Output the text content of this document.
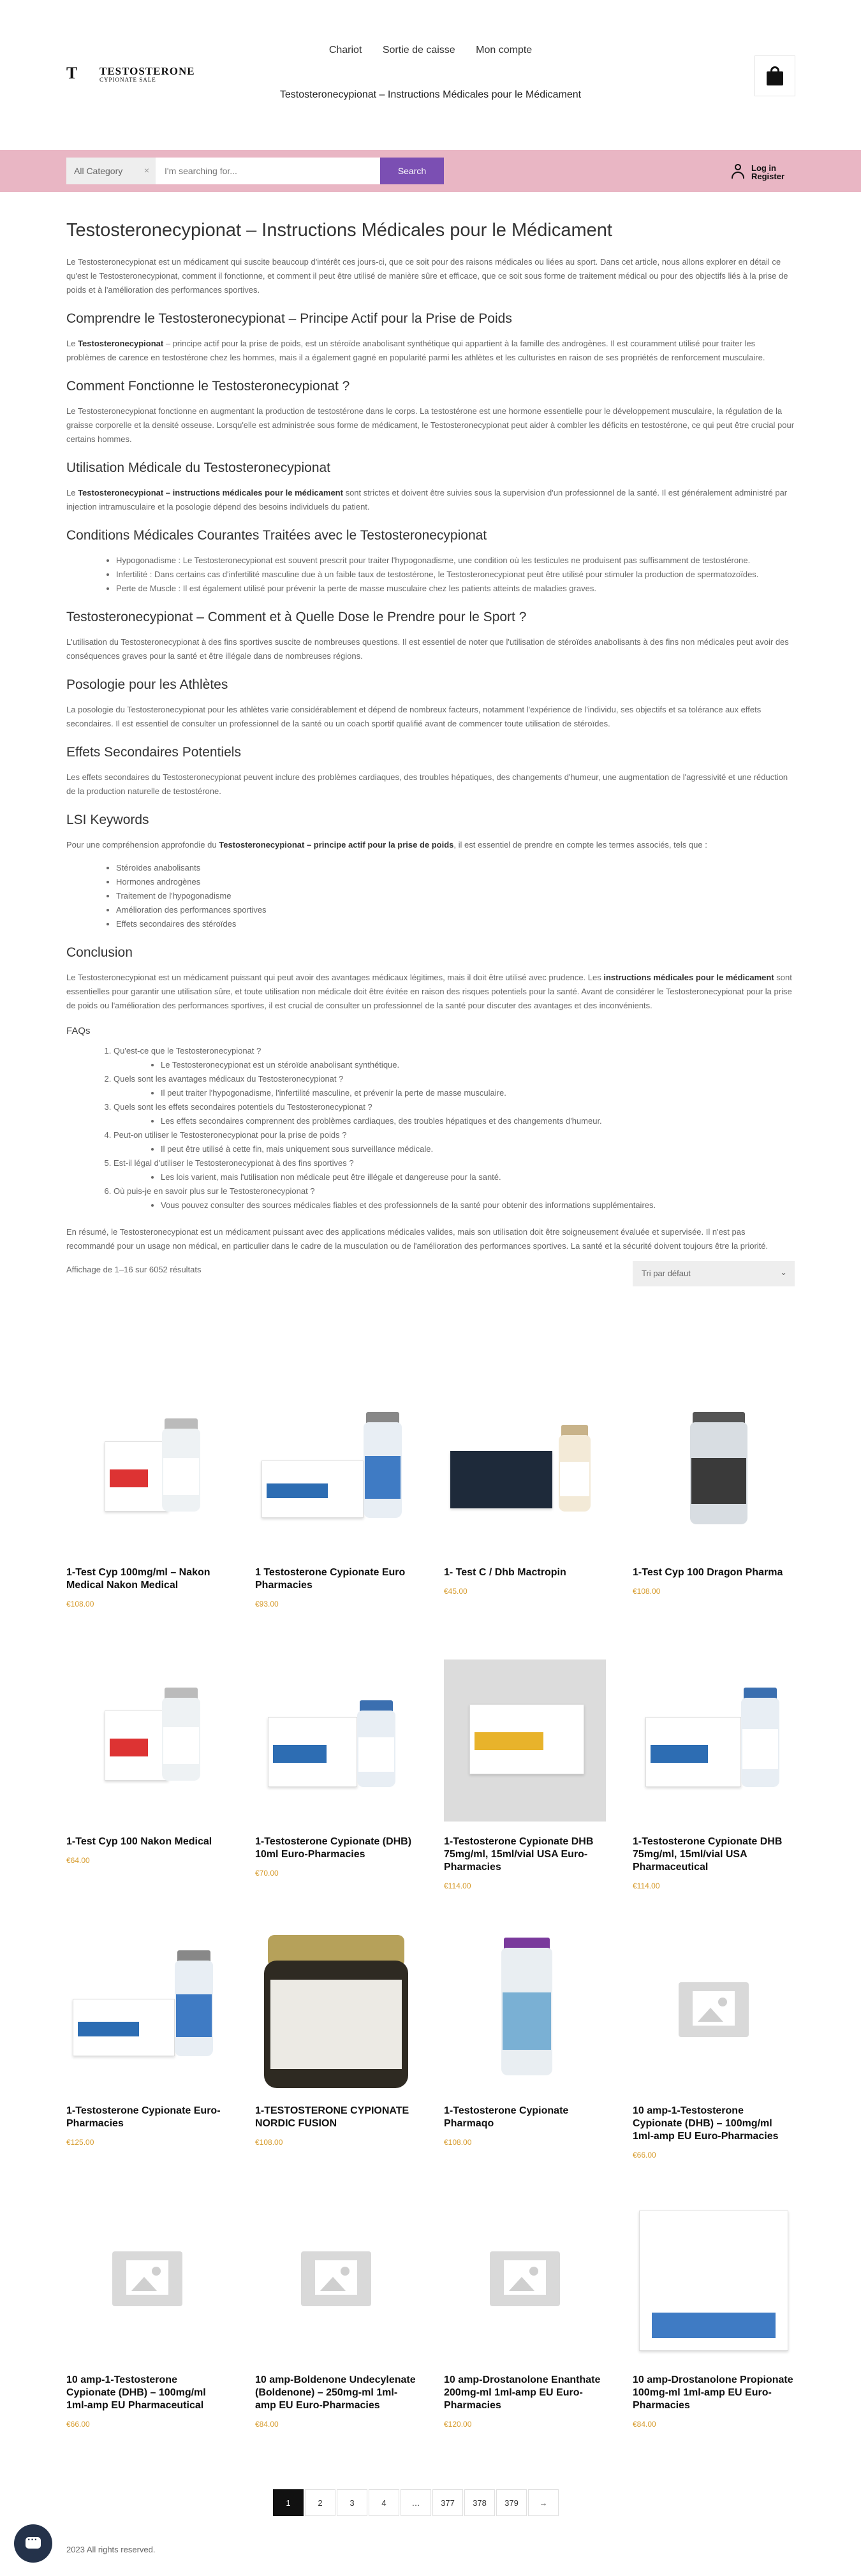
T TESTOSTERONE
CYPIONATE SALE
Chariot Sortie de caisse Mon compte
Testosteronecypionat – Instructions Médicales pour le Médicament
All Category ×
I'm searching for...	Search	Log in
Register
Testosteronecypionat – Instructions Médicales pour le Médicament

Le Testosteronecypionat est un médicament qui suscite beaucoup d'intérêt ces jours-ci, que ce soit pour des raisons médicales ou liées au sport. Dans cet article, nous allons explorer en détail ce qu'est le Testosteronecypionat, comment il fonctionne, et comment il peut être utilisé de manière sûre et efficace, que ce soit sous forme de traitement médical ou pour des objectifs liés à la prise de poids et à l'amélioration des performances sportives.

Comprendre le Testosteronecypionat – Principe Actif pour la Prise de Poids

Le Testosteronecypionat – principe actif pour la prise de poids, est un stéroïde anabolisant synthétique qui appartient à la famille des androgènes. Il est couramment utilisé pour traiter les problèmes de carence en testostérone chez les hommes, mais il a également gagné en popularité parmi les athlètes et les culturistes en raison de ses propriétés de renforcement musculaire.

Comment Fonctionne le Testosteronecypionat ?

Le Testosteronecypionat fonctionne en augmentant la production de testostérone dans le corps. La testostérone est une hormone essentielle pour le développement musculaire, la régulation de la graisse corporelle et la densité osseuse. Lorsqu'elle est administrée sous forme de médicament, le Testosteronecypionat peut aider à combler les déficits en testostérone, ce qui peut être crucial pour certains hommes.

Utilisation Médicale du Testosteronecypionat

Le Testosteronecypionat – instructions médicales pour le médicament sont strictes et doivent être suivies sous la supervision d'un professionnel de la santé. Il est généralement administré par injection intramusculaire et la posologie dépend des besoins individuels du patient.

Conditions Médicales Courantes Traitées avec le Testosteronecypionat
• Hypogonadisme : Le Testosteronecypionat est souvent prescrit pour traiter l'hypogonadisme, une condition où les testicules ne produisent pas suffisamment de testostérone.
• Infertilité : Dans certains cas d'infertilité masculine due à un faible taux de testostérone, le Testosteronecypionat peut être utilisé pour stimuler la production de spermatozoïdes.
• Perte de Muscle : Il est également utilisé pour prévenir la perte de masse musculaire chez les patients atteints de maladies graves.
Testosteronecypionat – Comment et à Quelle Dose le Prendre pour le Sport ?

L'utilisation du Testosteronecypionat à des fins sportives suscite de nombreuses questions. Il est essentiel de noter que l'utilisation de stéroïdes anabolisants à des fins non médicales peut avoir des conséquences graves pour la santé et être illégale dans de nombreuses régions.

Posologie pour les Athlètes

La posologie du Testosteronecypionat pour les athlètes varie considérablement et dépend de nombreux facteurs, notamment l'expérience de l'individu, ses objectifs et sa tolérance aux effets secondaires. Il est essentiel de consulter un professionnel de la santé ou un coach sportif qualifié avant de commencer toute utilisation de stéroïdes.

Effets Secondaires Potentiels

Les effets secondaires du Testosteronecypionat peuvent inclure des problèmes cardiaques, des troubles hépatiques, des changements d'humeur, une augmentation de l'agressivité et une réduction de la production naturelle de testostérone.

LSI Keywords

Pour une compréhension approfondie du Testosteronecypionat – principe actif pour la prise de poids, il est essentiel de prendre en compte les termes associés, tels que :

• Stéroïdes anabolisants
• Hormones androgènes
• Traitement de l'hypogonadisme
• Amélioration des performances sportives
• Effets secondaires des stéroïdes
Conclusion

Le Testosteronecypionat est un médicament puissant qui peut avoir des avantages médicaux légitimes, mais il doit être utilisé avec prudence. Les instructions médicales pour le médicament sont essentielles pour garantir une utilisation sûre, et toute utilisation non médicale doit être évitée en raison des risques potentiels pour la santé. Avant de considérer le Testosteronecypionat pour la prise de poids ou l'amélioration des performances sportives, il est crucial de consulter un professionnel de la santé pour discuter des avantages et des inconvénients.

FAQs
1. Qu'est-ce que le Testosteronecypionat ?
• Le Testosteronecypionat est un stéroïde anabolisant synthétique.
2. Quels sont les avantages médicaux du Testosteronecypionat ?
• Il peut traiter l'hypogonadisme, l'infertilité masculine, et prévenir la perte de masse musculaire.
3. Quels sont les effets secondaires potentiels du Testosteronecypionat ?
• Les effets secondaires comprennent des problèmes cardiaques, des troubles hépatiques et des changements d'humeur.
4. Peut-on utiliser le Testosteronecypionat pour la prise de poids ?
• Il peut être utilisé à cette fin, mais uniquement sous surveillance médicale.
5. Est-il légal d'utiliser le Testosteronecypionat à des fins sportives ?
• Les lois varient, mais l'utilisation non médicale peut être illégale et dangereuse pour la santé.
6. Où puis-je en savoir plus sur le Testosteronecypionat ?
• Vous pouvez consulter des sources médicales fiables et des professionnels de la santé pour obtenir des informations supplémentaires.

En résumé, le Testosteronecypionat est un médicament puissant avec des applications médicales valides, mais son utilisation doit être soigneusement évaluée et supervisée. Il n'est pas recommandé pour un usage non médical, en particulier dans le cadre de la musculation ou de l'amélioration des performances sportives. La santé et la sécurité doivent toujours être la priorité.

Affichage de 1–16 sur 6052 résultats	Tri par défaut	⌄
1-Test Cyp 100mg/ml – Nakon Medical Nakon Medical
€108.00
1 Testosterone Cypionate Euro Pharmacies
€93.00
1- Test C / Dhb Mactropin
€45.00
1-Test Cyp 100 Dragon Pharma
€108.00
1-Test Cyp 100 Nakon Medical
€64.00
1-Testosterone Cypionate (DHB) 10ml Euro-Pharmacies
€70.00
1-Testosterone Cypionate DHB 75mg/ml, 15ml/vial USA Euro-Pharmacies
€114.00
1-Testosterone Cypionate DHB 75mg/ml, 15ml/vial USA Pharmaceutical
€114.00
1-Testosterone Cypionate Euro-Pharmacies
€125.00
1-TESTOSTERONE CYPIONATE NORDIC FUSION
€108.00
1-Testosterone Cypionate Pharmaqo
€108.00
10 amp-1-Testosterone Cypionate (DHB) – 100mg/ml 1ml-amp EU Euro-Pharmacies
€66.00
10 amp-1-Testosterone Cypionate (DHB) – 100mg/ml 1ml-amp EU Pharmaceutical
€66.00
10 amp-Boldenone Undecylenate (Boldenone) – 250mg-ml 1ml-amp EU Euro-Pharmacies
€84.00
10 amp-Drostanolone Enanthate 200mg-ml 1ml-amp EU Euro-Pharmacies
€120.00
10 amp-Drostanolone Propionate 100mg-ml 1ml-amp EU Euro-Pharmacies
€84.00
1	2	3	4	…	377	378	379	→
···
2023 All rights reserved.
